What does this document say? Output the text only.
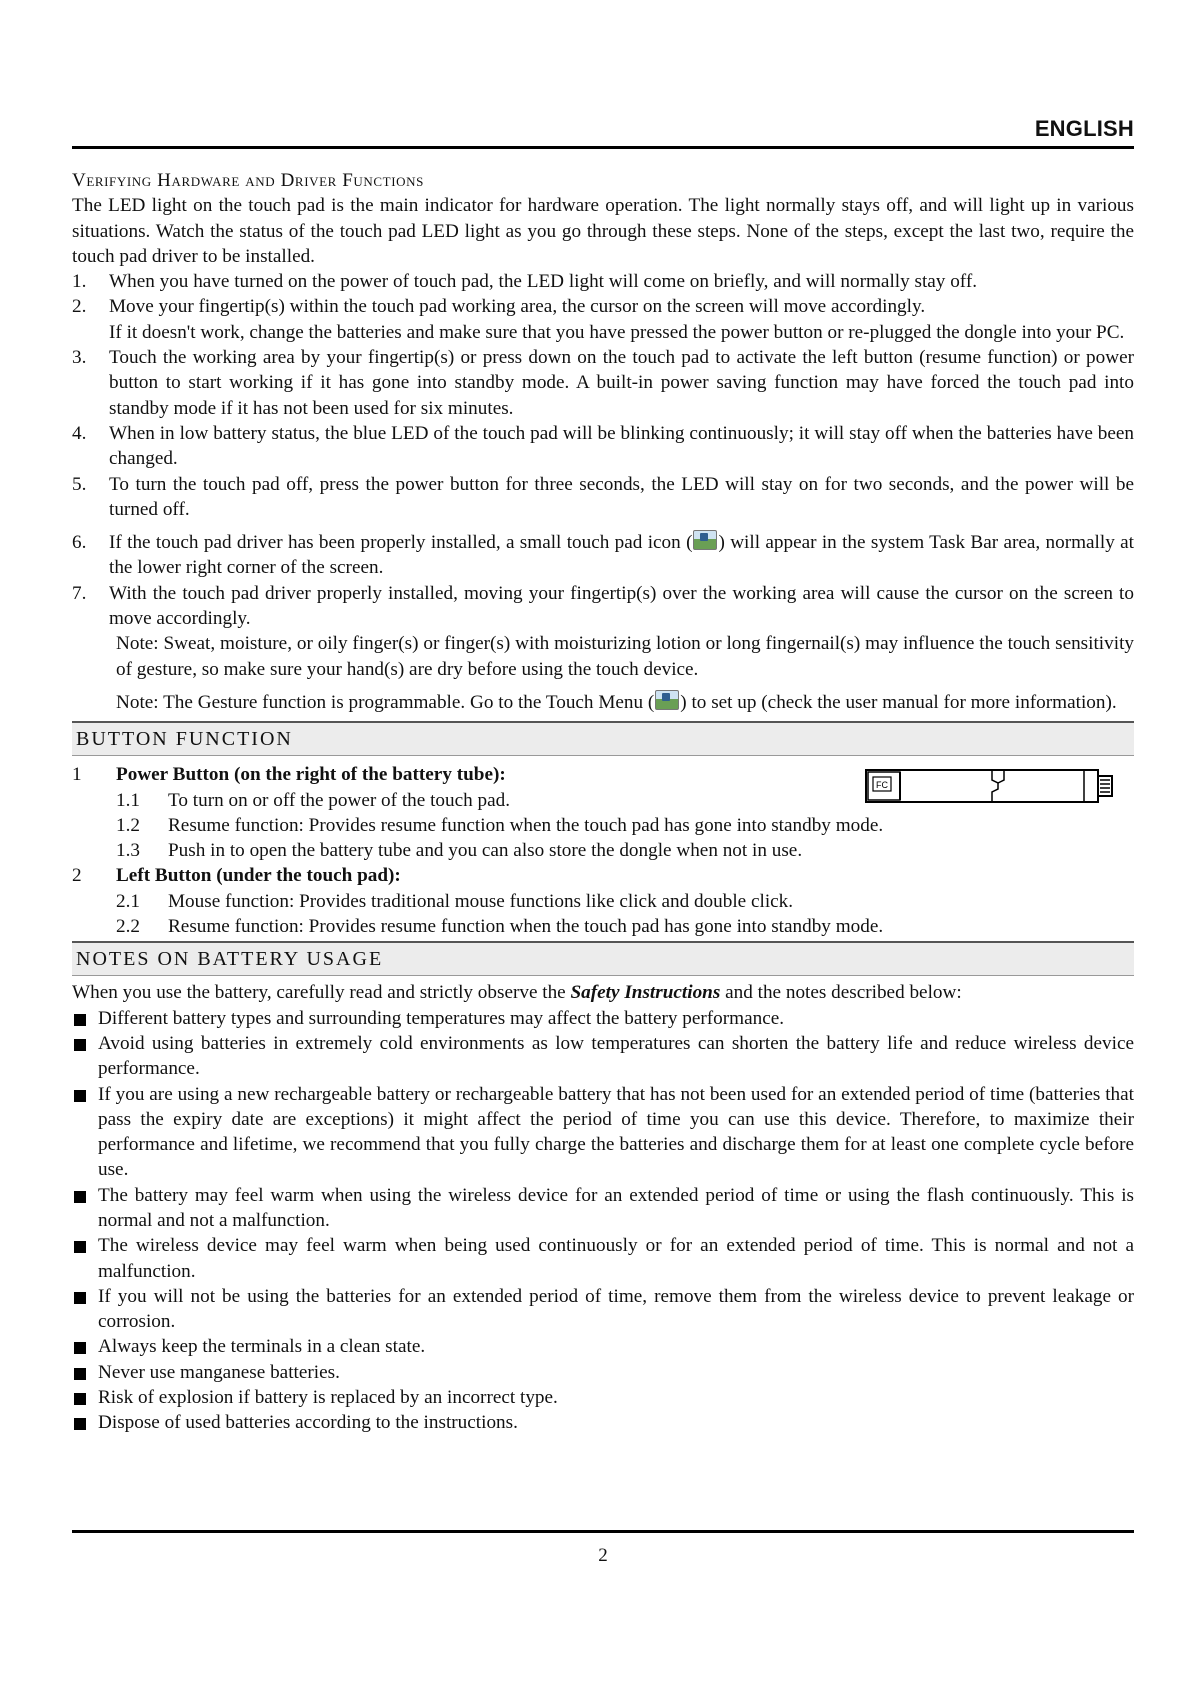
ENGLISH
Verifying Hardware and Driver Functions

The LED light on the touch pad is the main indicator for hardware operation. The light normally stays off, and will light up in various situations. Watch the status of the touch pad LED light as you go through these steps. None of the steps, except the last two, require the touch pad driver to be installed.

1. When you have turned on the power of touch pad, the LED light will come on briefly, and will normally stay off.
2. Move your fingertip(s) within the touch pad working area, the cursor on the screen will move accordingly.
If it doesn't work, change the batteries and make sure that you have pressed the power button or re-plugged the dongle into your PC.
3. Touch the working area by your fingertip(s) or press down on the touch pad to activate the left button (resume function) or power button to start working if it has gone into standby mode. A built-in power saving function may have forced the touch pad into standby mode if it has not been used for six minutes.
4. When in low battery status, the blue LED of the touch pad will be blinking continuously; it will stay off when the batteries have been changed.
5. To turn the touch pad off, press the power button for three seconds, the LED will stay on for two seconds, and the power will be turned off.
6. If the touch pad driver has been properly installed, a small touch pad icon ( ) will appear in the system Task Bar area, normally at the lower right corner of the screen.
7. With the touch pad driver properly installed, moving your fingertip(s) over the working area will cause the cursor on the screen to move accordingly.
Note: Sweat, moisture, or oily finger(s) or finger(s) with moisturizing lotion or long fingernail(s) may influence the touch sensitivity of gesture, so make sure your hand(s) are dry before using the touch device.
Note: The Gesture function is programmable. Go to the Touch Menu ( ) to set up (check the user manual for more information).
BUTTON FUNCTION
FC
1 Power Button (on the right of the battery tube):
1.1 To turn on or off the power of the touch pad.
1.2 Resume function: Provides resume function when the touch pad has gone into standby mode.
1.3 Push in to open the battery tube and you can also store the dongle when not in use.
2 Left Button (under the touch pad):
2.1 Mouse function: Provides traditional mouse functions like click and double click.
2.2 Resume function: Provides resume function when the touch pad has gone into standby mode.
NOTES ON BATTERY USAGE

When you use the battery, carefully read and strictly observe the Safety Instructions and the notes described below:

Different battery types and surrounding temperatures may affect the battery performance.
Avoid using batteries in extremely cold environments as low temperatures can shorten the battery life and reduce wireless device performance.
If you are using a new rechargeable battery or rechargeable battery that has not been used for an extended period of time (batteries that pass the expiry date are exceptions) it might affect the period of time you can use this device. Therefore, to maximize their performance and lifetime, we recommend that you fully charge the batteries and discharge them for at least one complete cycle before use.
The battery may feel warm when using the wireless device for an extended period of time or using the flash continuously. This is normal and not a malfunction.
The wireless device may feel warm when being used continuously or for an extended period of time. This is normal and not a malfunction.
If you will not be using the batteries for an extended period of time, remove them from the wireless device to prevent leakage or corrosion.
Always keep the terminals in a clean state.
Never use manganese batteries.
Risk of explosion if battery is replaced by an incorrect type.
Dispose of used batteries according to the instructions.
2
